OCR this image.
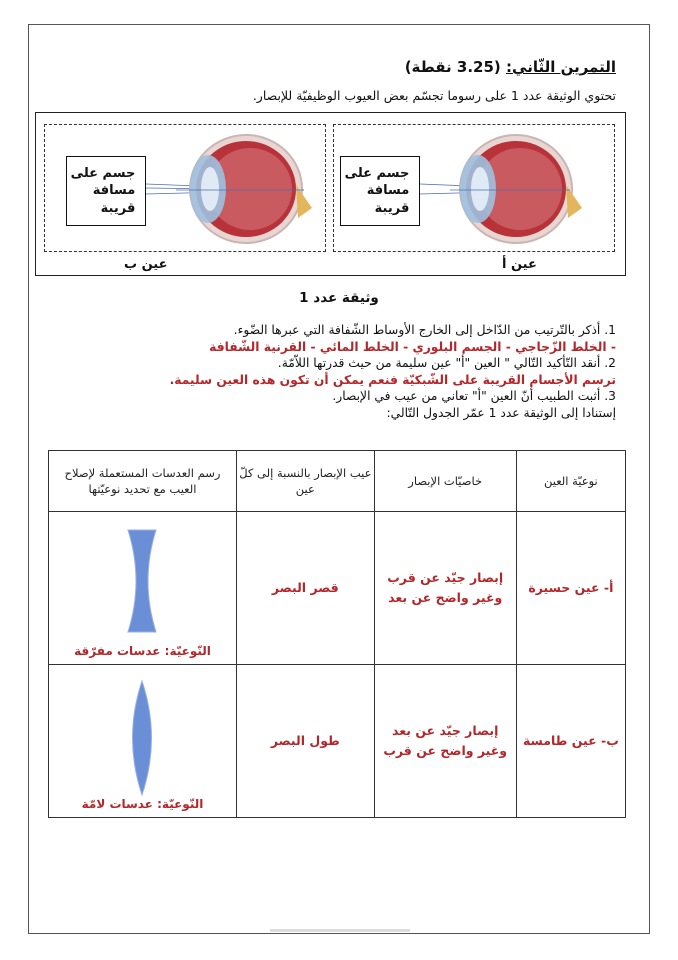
التمرين الثّاني: (3.25 نقطة)
تحتوي الوثيقة عدد 1 على رسوما تجسّم بعض العيوب الوظيفيّة للإبصار.
جسم على
مسافة
قريبة
عين ب
جسم على
مسافة
قريبة
عين أ
وثيقة عدد 1
1. أذكر بالتّرتيب من الدّاخل إلى الخارج الأوساط الشّفافة التي عبرها الضّوء.
- الخلط الزّجاجي - الجسم البلوري - الخلط المائي - القرنية الشّفافة
2. أنقد التّأكيد التّالي " العين "أ" عين سليمة من حيث قدرتها اللاّمّة.
ترسم الأجسام القريبة على الشّبكيّة فنعم يمكن أن تكون هذه العين سليمة.
3. أثبت الطبيب أنّ العين "أ" تعاني من عيب في الإبصار.
إستنادا إلى الوثيقة عدد 1 عمّر الجدول التّالي:
نوعيّة العين	خاصيّات الإبصار	عيب الإبصار بالنسبة إلى كلّ عين	رسم العدسات المستعملة لإصلاح العيب مع تحديد نوعيّتها
أ- عين حسيرة	إبصار جيّد عن قرب وغير واضح عن بعد	قصر البصر	النّوعيّة: عدسات مفرّقة

ب- عين طامسة	إبصار جيّد عن بعد وغير واضح عن قرب	طول البصر	النّوعيّة: عدسات لامّة
